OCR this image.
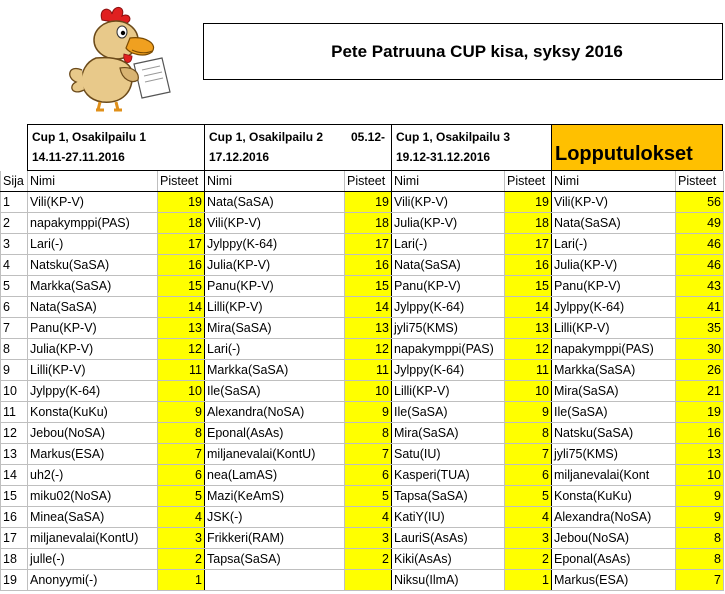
Pete Patruuna CUP kisa, syksy 2016
Cup 1, Osakilpailu 1
14.11-27.11.2016
Cup 1, Osakilpailu 2	05.12-
17.12.2016
Cup 1, Osakilpailu 3
19.12-31.12.2016	Lopputulokset
Sija	Nimi	Pisteet	Nimi	Pisteet	Nimi	Pisteet	Nimi	Pisteet
1	Vili(KP-V)	19	Nata(SaSA)	19	Vili(KP-V)	19	Vili(KP-V)	56
2	napakymppi(PAS)	18	Vili(KP-V)	18	Julia(KP-V)	18	Nata(SaSA)	49
3	Lari(-)	17	Jylppy(K-64)	17	Lari(-)	17	Lari(-)	46
4	Natsku(SaSA)	16	Julia(KP-V)	16	Nata(SaSA)	16	Julia(KP-V)	46
5	Markka(SaSA)	15	Panu(KP-V)	15	Panu(KP-V)	15	Panu(KP-V)	43
6	Nata(SaSA)	14	Lilli(KP-V)	14	Jylppy(K-64)	14	Jylppy(K-64)	41
7	Panu(KP-V)	13	Mira(SaSA)	13	jyli75(KMS)	13	Lilli(KP-V)	35
8	Julia(KP-V)	12	Lari(-)	12	napakymppi(PAS)	12	napakymppi(PAS)	30
9	Lilli(KP-V)	11	Markka(SaSA)	11	Jylppy(K-64)	11	Markka(SaSA)	26
10	Jylppy(K-64)	10	Ile(SaSA)	10	Lilli(KP-V)	10	Mira(SaSA)	21
11	Konsta(KuKu)	9	Alexandra(NoSA)	9	Ile(SaSA)	9	Ile(SaSA)	19
12	Jebou(NoSA)	8	Eponal(AsAs)	8	Mira(SaSA)	8	Natsku(SaSA)	16
13	Markus(ESA)	7	miljanevalai(KontU)	7	Satu(IU)	7	jyli75(KMS)	13
14	uh2(-)	6	nea(LamAS)	6	Kasperi(TUA)	6	miljanevalai(Kont	10
15	miku02(NoSA)	5	Mazi(KeAmS)	5	Tapsa(SaSA)	5	Konsta(KuKu)	9
16	Minea(SaSA)	4	JSK(-)	4	KatiY(IU)	4	Alexandra(NoSA)	9
17	miljanevalai(KontU)	3	Frikkeri(RAM)	3	LauriS(AsAs)	3	Jebou(NoSA)	8
18	julle(-)	2	Tapsa(SaSA)	2	Kiki(AsAs)	2	Eponal(AsAs)	8
19	Anonyymi(-)	1			Niksu(IlmA)	1	Markus(ESA)	7
